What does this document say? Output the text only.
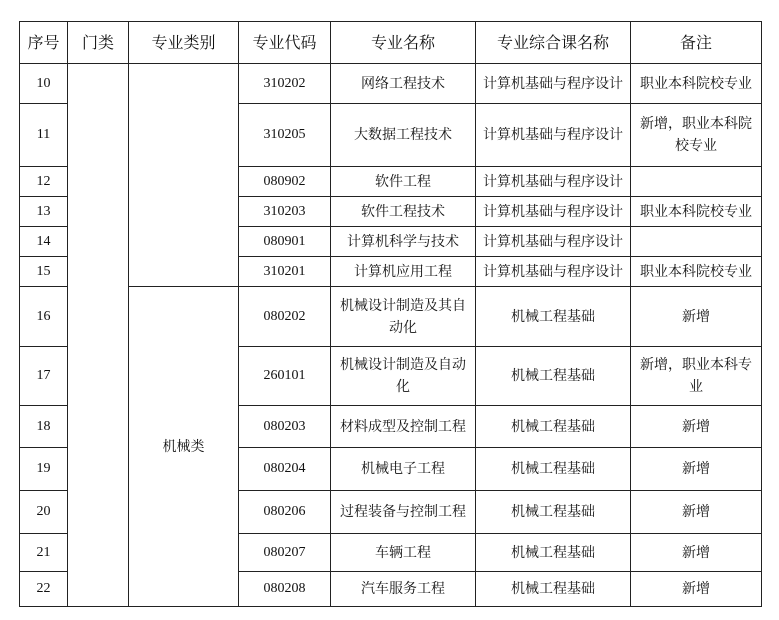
序号	门类	专业类别	专业代码	专业名称	专业综合课名称	备注
10			310202	网络工程技术	计算机基础与程序设计	职业本科院校专业
11			310205	大数据工程技术	计算机基础与程序设计	新增，职业本科院校专业
12			080902	软件工程	计算机基础与程序设计	
13			310203	软件工程技术	计算机基础与程序设计	职业本科院校专业
14			080901	计算机科学与技术	计算机基础与程序设计	
15			310201	计算机应用工程	计算机基础与程序设计	职业本科院校专业
16		机械类	080202	机械设计制造及其自动化	机械工程基础	新增
17			260101	机械设计制造及自动化	机械工程基础	新增，职业本科专业
18			080203	材料成型及控制工程	机械工程基础	新增
19			080204	机械电子工程	机械工程基础	新增
20			080206	过程装备与控制工程	机械工程基础	新增
21			080207	车辆工程	机械工程基础	新增
22			080208	汽车服务工程	机械工程基础	新增
